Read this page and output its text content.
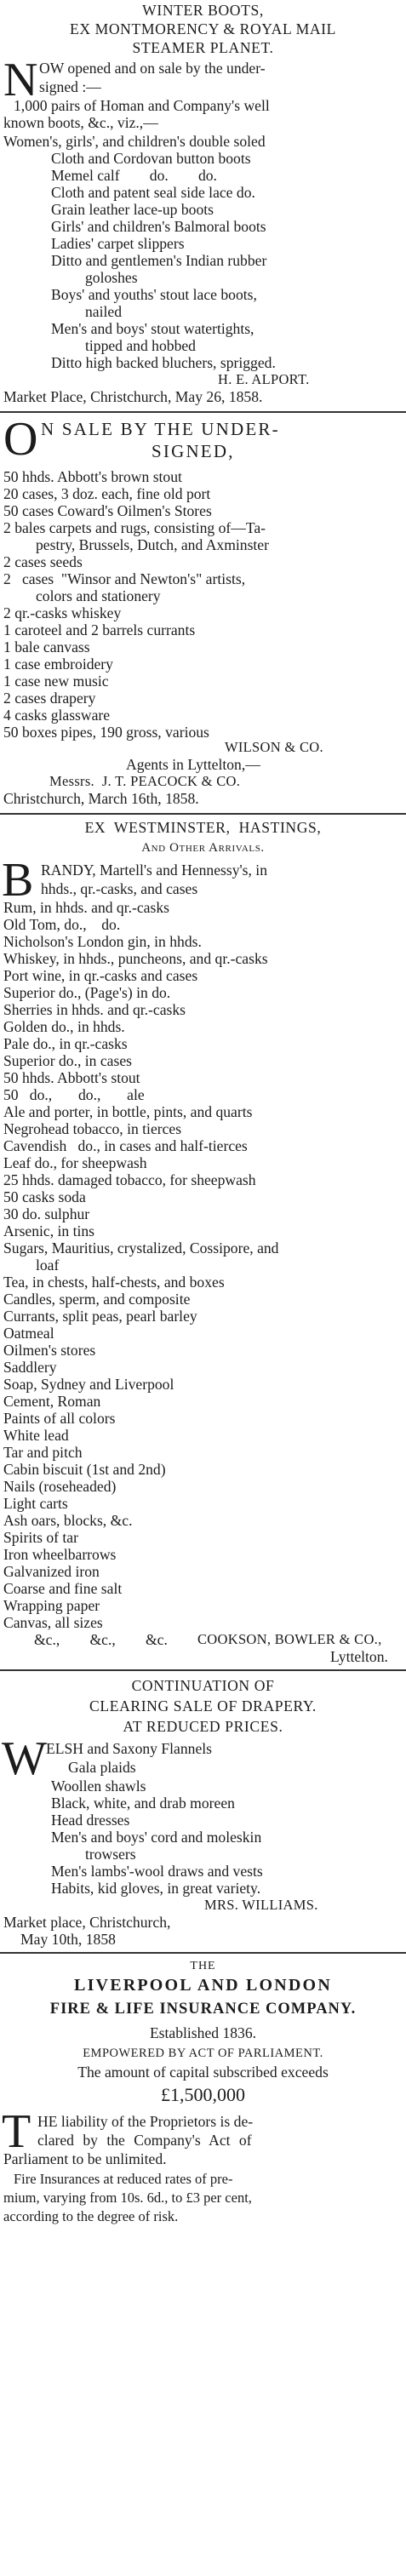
WINTER BOOTS,
EX MONTMORENCY & ROYAL MAIL
STEAMER PLANET.
N OW opened and on sale by the under-
signed :—
1,000 pairs of Homan and Company's well
known boots, &c., viz.,—
Women's, girls', and children's double soled
Cloth and Cordovan button boots
Memel calf        do.        do.
Cloth and patent seal side lace do.
Grain leather lace-up boots
Girls' and children's Balmoral boots
Ladies' carpet slippers
Ditto and gentlemen's Indian rubber
goloshes
Boys' and youths' stout lace boots,
nailed
Men's and boys' stout watertights,
tipped and hobbed
Ditto high backed bluchers, sprigged.
H. E. ALPORT.
Market Place, Christchurch, May 26, 1858.
O N SALE BY THE UNDER-
SIGNED,
50 hhds. Abbott's brown stout
20 cases, 3 doz. each, fine old port
50 cases Coward's Oilmen's Stores
2 bales carpets and rugs, consisting of—Ta-
pestry, Brussels, Dutch, and Axminster
2 cases seeds
2   cases  "Winsor and Newton's" artists,
colors and stationery
2 qr.-casks whiskey
1 caroteel and 2 barrels currants
1 bale canvass
1 case embroidery
1 case new music
2 cases drapery
4 casks glassware
50 boxes pipes, 190 gross, various
WILSON & CO.
Agents in Lyttelton,—
Messrs.  J. T. PEACOCK & CO.
Christchurch, March 16th, 1858.
EX  WESTMINSTER,  HASTINGS,
And Other Arrivals.
B RANDY, Martell's and Hennessy's, in
hhds., qr.-casks, and cases
Rum, in hhds. and qr.-casks
Old Tom, do.,    do.
Nicholson's London gin, in hhds.
Whiskey, in hhds., puncheons, and qr.-casks
Port wine, in qr.-casks and cases
Superior do., (Page's) in do.
Sherries in hhds. and qr.-casks
Golden do., in hhds.
Pale do., in qr.-casks
Superior do., in cases
50 hhds. Abbott's stout
50   do.,       do.,       ale
Ale and porter, in bottle, pints, and quarts
Negrohead tobacco, in tierces
Cavendish   do., in cases and half-tierces
Leaf do., for sheepwash
25 hhds. damaged tobacco, for sheepwash
50 casks soda
30 do. sulphur
Arsenic, in tins
Sugars, Mauritius, crystalized, Cossipore, and
loaf
Tea, in chests, half-chests, and boxes
Candles, sperm, and composite
Currants, split peas, pearl barley
Oatmeal
Oilmen's stores
Saddlery
Soap, Sydney and Liverpool
Cement, Roman
Paints of all colors
White lead
Tar and pitch
Cabin biscuit (1st and 2nd)
Nails (roseheaded)
Light carts
Ash oars, blocks, &c.
Spirits of tar
Iron wheelbarrows
Galvanized iron
Coarse and fine salt
Wrapping paper
Canvas, all sizes
&c.,        &c.,        &c. COOKSON, BOWLER & CO.,
Lyttelton.
CONTINUATION OF
CLEARING SALE OF DRAPERY.
AT REDUCED PRICES.
W ELSH and Saxony Flannels
Gala plaids
Woollen shawls
Black, white, and drab moreen
Head dresses
Men's and boys' cord and moleskin
trowsers
Men's lambs'-wool draws and vests
Habits, kid gloves, in great variety.
MRS. WILLIAMS.
Market place, Christchurch,
May 10th, 1858
THE
LIVERPOOL AND LONDON
FIRE & LIFE INSURANCE COMPANY.
Established 1836.
EMPOWERED BY ACT OF PARLIAMENT.
The amount of capital subscribed exceeds
£1,500,000
T HE liability of the Proprietors is de-
clared by the Company's Act of
Parliament to be unlimited.
Fire Insurances at reduced rates of pre-
mium, varying from 10s. 6d., to £3 per cent,
according to the degree of risk.
